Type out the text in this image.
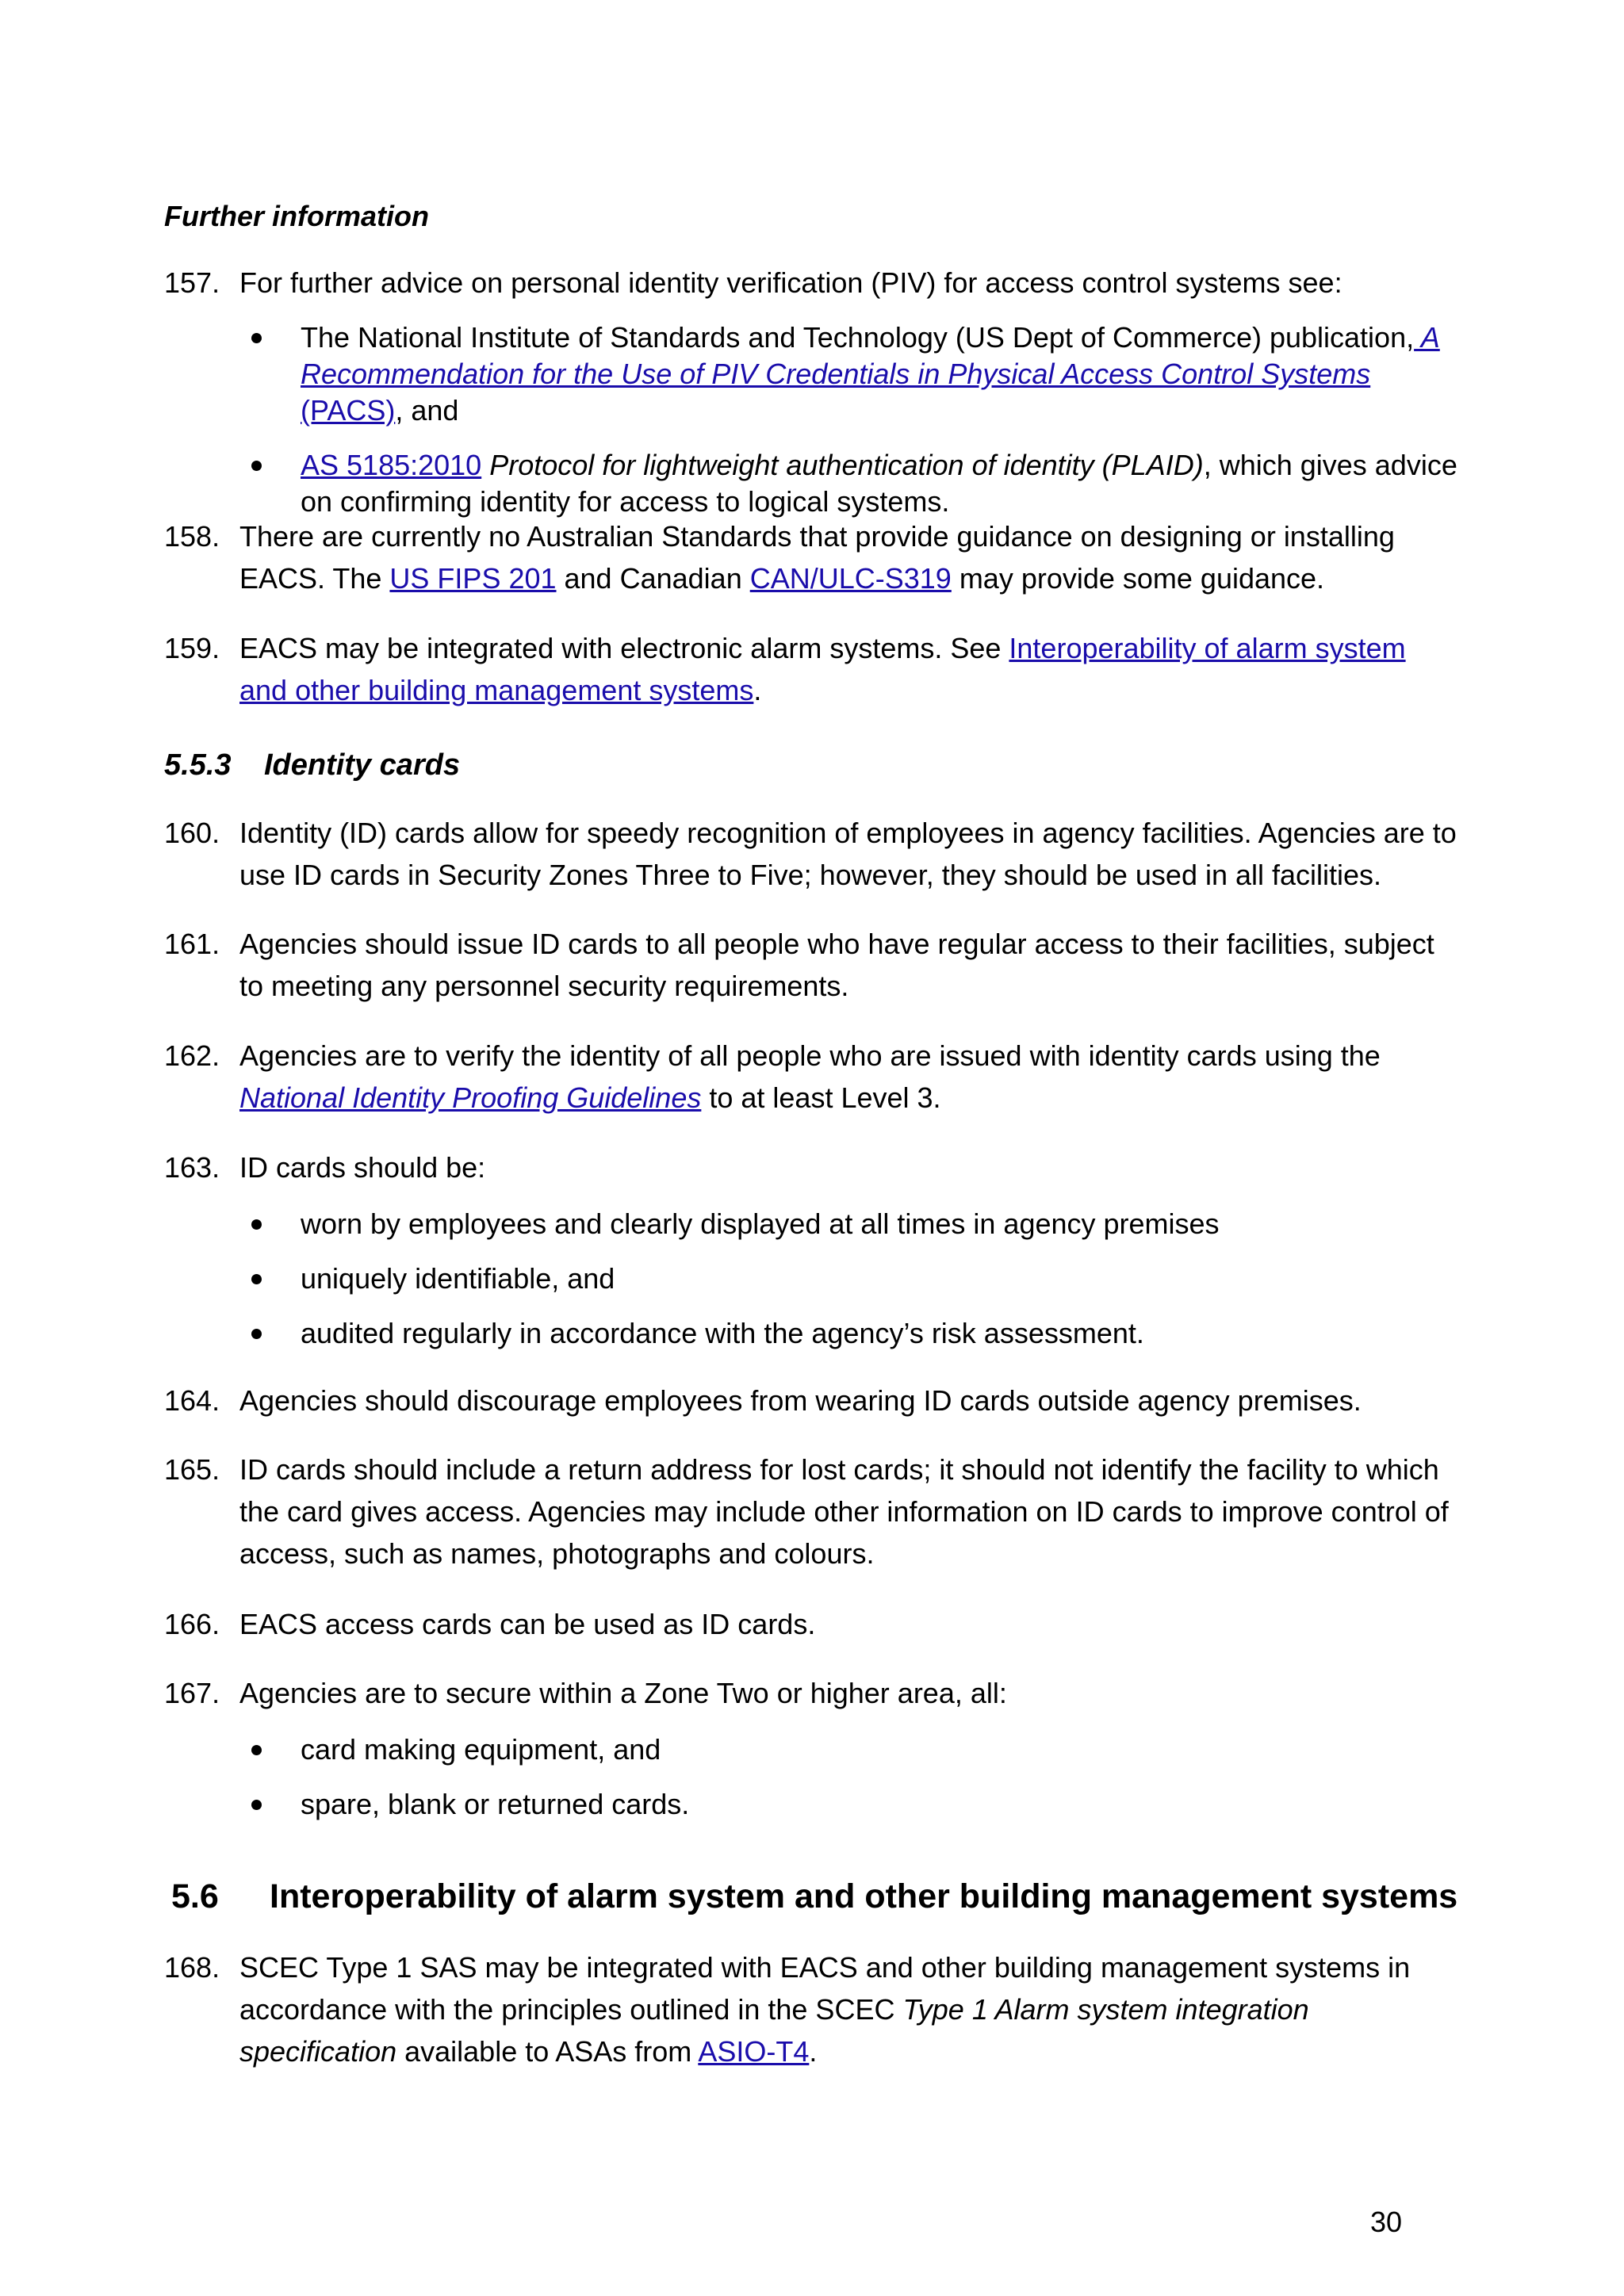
Further information
157. For further advice on personal identity verification (PIV) for access control systems see:
The National Institute of Standards and Technology (US Dept of Commerce) publication, A Recommendation for the Use of PIV Credentials in Physical Access Control Systems (PACS), and
AS 5185:2010 Protocol for lightweight authentication of identity (PLAID), which gives advice on confirming identity for access to logical systems.
158. There are currently no Australian Standards that provide guidance on designing or installing EACS. The US FIPS 201 and Canadian CAN/ULC-S319 may provide some guidance.
159. EACS may be integrated with electronic alarm systems. See Interoperability of alarm system and other building management systems.
5.5.3 Identity cards
160. Identity (ID) cards allow for speedy recognition of employees in agency facilities. Agencies are to use ID cards in Security Zones Three to Five; however, they should be used in all facilities.
161. Agencies should issue ID cards to all people who have regular access to their facilities, subject to meeting any personnel security requirements.
162. Agencies are to verify the identity of all people who are issued with identity cards using the National Identity Proofing Guidelines to at least Level 3.
163. ID cards should be:
worn by employees and clearly displayed at all times in agency premises
uniquely identifiable, and
audited regularly in accordance with the agency’s risk assessment.
164. Agencies should discourage employees from wearing ID cards outside agency premises.
165. ID cards should include a return address for lost cards; it should not identify the facility to which the card gives access. Agencies may include other information on ID cards to improve control of access, such as names, photographs and colours.
166. EACS access cards can be used as ID cards.
167. Agencies are to secure within a Zone Two or higher area, all:
card making equipment, and
spare, blank or returned cards.
5.6 Interoperability of alarm system and other building management systems
168. SCEC Type 1 SAS may be integrated with EACS and other building management systems in accordance with the principles outlined in the SCEC Type 1 Alarm system integration specification available to ASAs from ASIO-T4.
30
